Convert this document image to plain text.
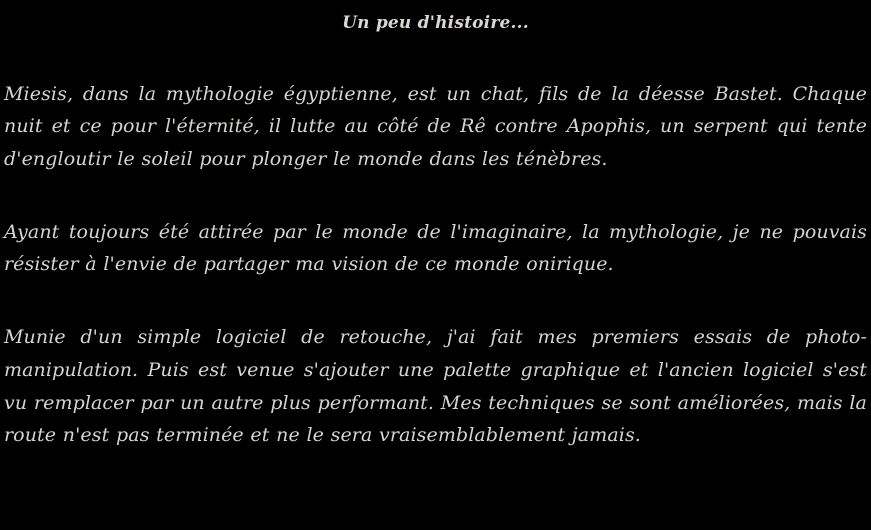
Un peu d'histoire...

Miesis, dans la mythologie égyptienne, est un chat, fils de la déesse Bastet. Chaque nuit et ce pour l'éternité, il lutte au côté de Rê contre Apophis, un serpent qui tente d'engloutir le soleil pour plonger le monde dans les ténèbres.

Ayant toujours été attirée par le monde de l'imaginaire, la mythologie, je ne pouvais résister à l'envie de partager ma vision de ce monde onirique.

Munie d'un simple logiciel de retouche, j'ai fait mes premiers essais de photo-manipulation. Puis est venue s'ajouter une palette graphique et l'ancien logiciel s'est vu remplacer par un autre plus performant. Mes techniques se sont améliorées, mais la route n'est pas terminée et ne le sera vraisemblablement jamais.
